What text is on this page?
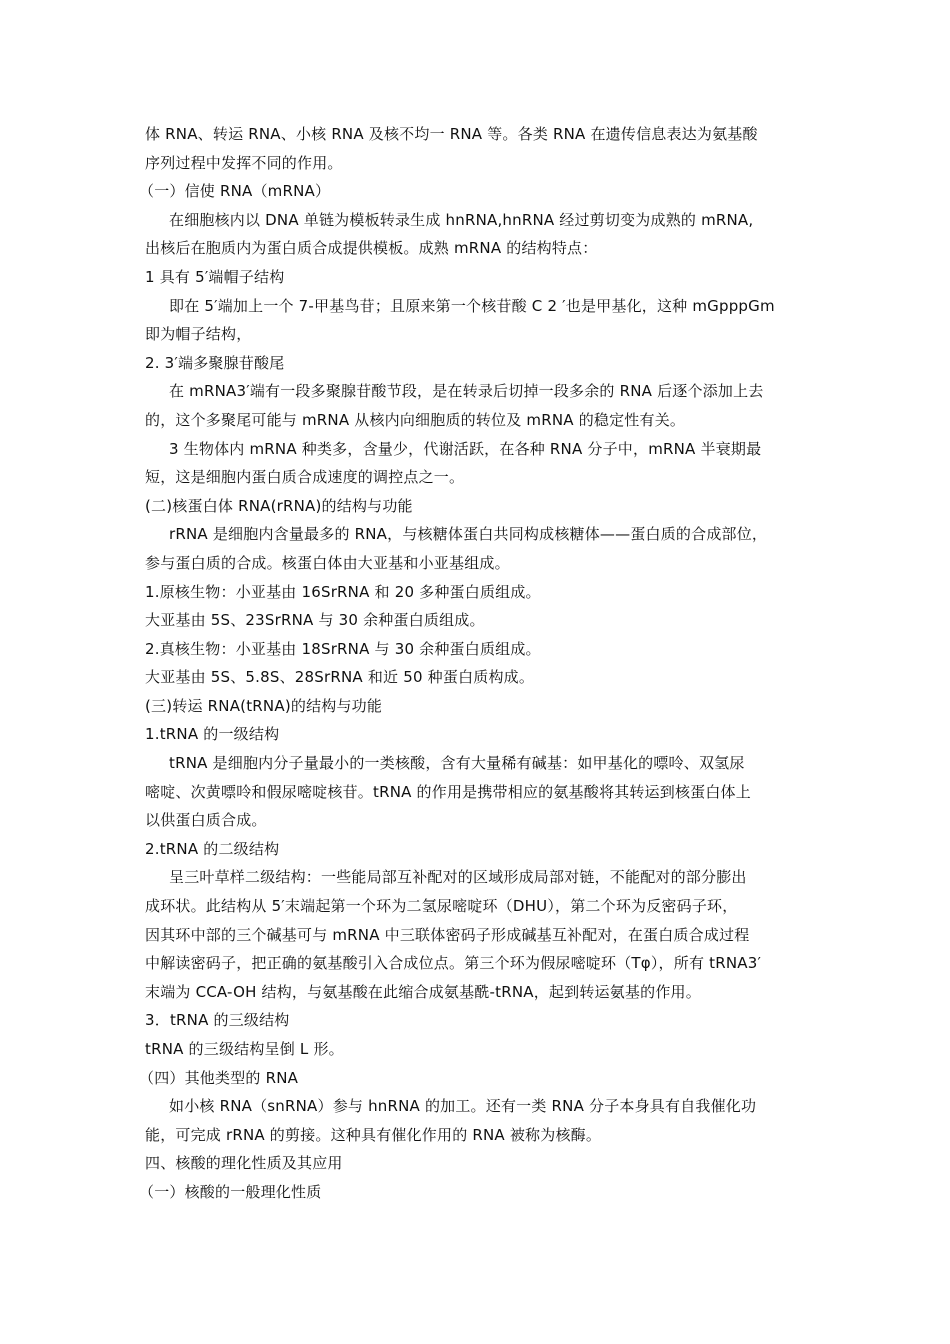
体 RNA、转运 RNA、小核 RNA 及核不均一 RNA 等。各类 RNA 在遗传信息表达为氨基酸
序列过程中发挥不同的作用。
（一）信使 RNA（mRNA）
在细胞核内以 DNA 单链为模板转录生成 hnRNA,hnRNA 经过剪切变为成熟的 mRNA,
出核后在胞质内为蛋白质合成提供模板。成熟 mRNA 的结构特点：
1 具有 5′端帽子结构
即在 5′端加上一个 7-甲基鸟苷；且原来第一个核苷酸 C 2 ′也是甲基化，这种 mGpppGm
即为帽子结构，
2. 3′端多聚腺苷酸尾
在 mRNA3′端有一段多聚腺苷酸节段，是在转录后切掉一段多余的 RNA 后逐个添加上去
的，这个多聚尾可能与 mRNA 从核内向细胞质的转位及 mRNA 的稳定性有关。
3 生物体内 mRNA 种类多，含量少，代谢活跃，在各种 RNA 分子中，mRNA 半衰期最
短，这是细胞内蛋白质合成速度的调控点之一。
(二)核蛋白体 RNA(rRNA)的结构与功能
rRNA 是细胞内含量最多的 RNA，与核糖体蛋白共同构成核糖体——蛋白质的合成部位，
参与蛋白质的合成。核蛋白体由大亚基和小亚基组成。
1.原核生物：小亚基由 16SrRNA 和 20 多种蛋白质组成。
大亚基由 5S、23SrRNA 与 30 余种蛋白质组成。
2.真核生物：小亚基由 18SrRNA 与 30 余种蛋白质组成。
大亚基由 5S、5.8S、28SrRNA 和近 50 种蛋白质构成。
(三)转运 RNA(tRNA)的结构与功能
1.tRNA 的一级结构
tRNA 是细胞内分子量最小的一类核酸，含有大量稀有碱基：如甲基化的嘌呤、双氢尿
嘧啶、次黄嘌呤和假尿嘧啶核苷。tRNA 的作用是携带相应的氨基酸将其转运到核蛋白体上
以供蛋白质合成。
2.tRNA 的二级结构
呈三叶草样二级结构：一些能局部互补配对的区域形成局部对链，不能配对的部分膨出
成环状。此结构从 5′末端起第一个环为二氢尿嘧啶环（DHU），第二个环为反密码子环，
因其环中部的三个碱基可与 mRNA 中三联体密码子形成碱基互补配对，在蛋白质合成过程
中解读密码子，把正确的氨基酸引入合成位点。第三个环为假尿嘧啶环（Tφ），所有 tRNA3′
末端为 CCA-OH 结构，与氨基酸在此缩合成氨基酰-tRNA，起到转运氨基的作用。
3．tRNA 的三级结构
tRNA 的三级结构呈倒 L 形。
（四）其他类型的 RNA
如小核 RNA（snRNA）参与 hnRNA 的加工。还有一类 RNA 分子本身具有自我催化功
能，可完成 rRNA 的剪接。这种具有催化作用的 RNA 被称为核酶。
四、核酸的理化性质及其应用
（一）核酸的一般理化性质
